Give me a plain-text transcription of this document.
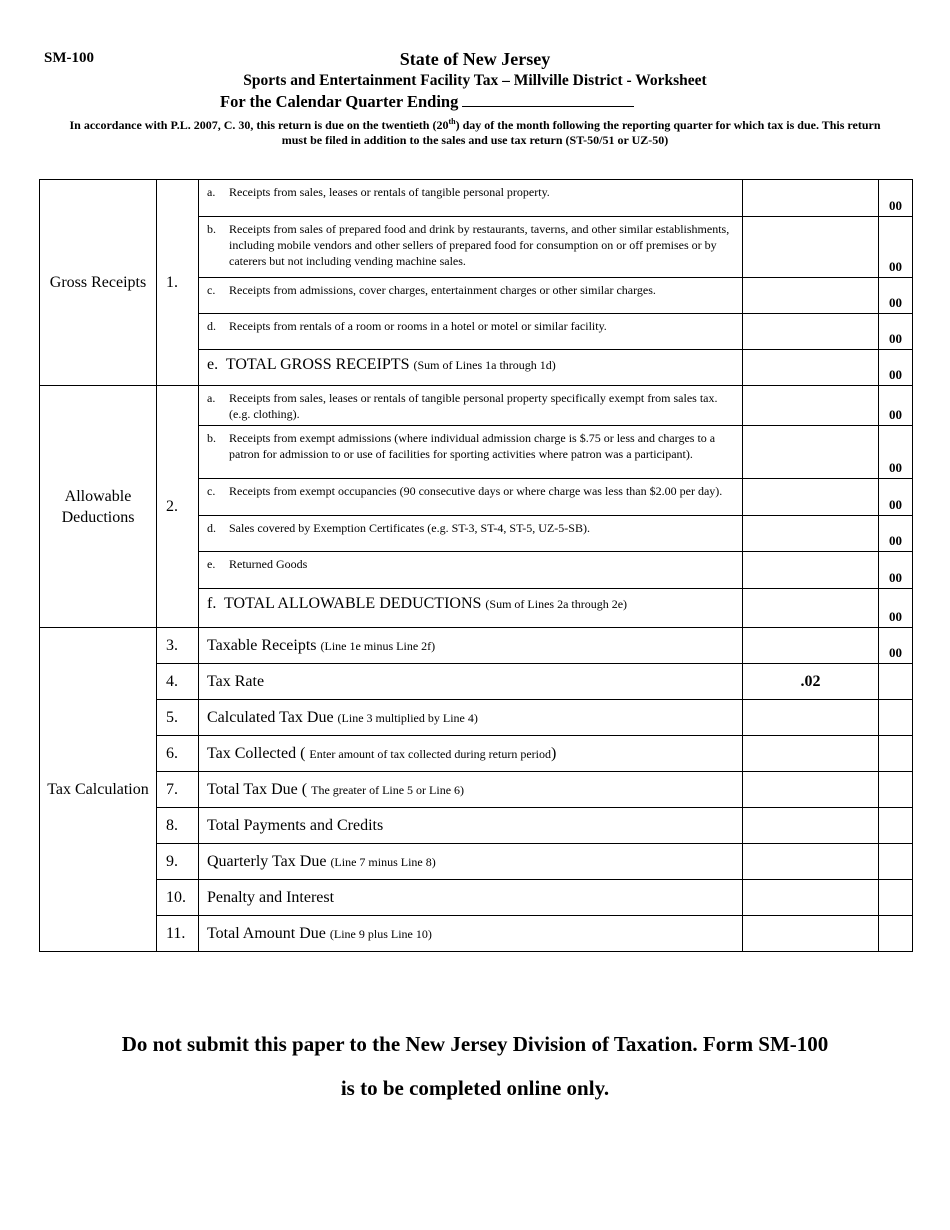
SM-100	State of New Jersey
Sports and Entertainment Facility Tax – Millville District - Worksheet
For the Calendar Quarter Ending
In accordance with P.L. 2007, C. 30, this return is due on the twentieth (20th) day of the month following the reporting quarter for which tax is due. This return must be filed in addition to the sales and use tax return (ST-50/51 or UZ-50)
Gross Receipts	1.	a. Receipts from sales, leases or rentals of tangible personal property.		00

		b. Receipts from sales of prepared food and drink by restaurants, taverns, and other similar establishments, including mobile vendors and other sellers of prepared food for consumption on or off premises or by caterers but not including vending machine sales.		00

		c. Receipts from admissions, cover charges, entertainment charges or other similar charges.		00

		d. Receipts from rentals of a room or rooms in a hotel or motel or similar facility.		00

		e. TOTAL GROSS RECEIPTS (Sum of Lines 1a through 1d)		00
Allowable Deductions	2.	a. Receipts from sales, leases or rentals of tangible personal property specifically exempt from sales tax. (e.g. clothing).		00

		b. Receipts from exempt admissions (where individual admission charge is $.75 or less and charges to a patron for admission to or use of facilities for sporting activities where patron was a participant).		00

		c. Receipts from exempt occupancies (90 consecutive days or where charge was less than $2.00 per day).		00

		d. Sales covered by Exemption Certificates (e.g. ST-3, ST-4, ST-5, UZ-5-SB).		00

		e. Returned Goods		00

		f. TOTAL ALLOWABLE DEDUCTIONS (Sum of Lines 2a through 2e)		00
Tax Calculation	3.	Taxable Receipts (Line 1e minus Line 2f)		00
	4.	Tax Rate	.02	
	5.	Calculated Tax Due (Line 3 multiplied by Line 4)		
	6.	Tax Collected ( Enter amount of tax collected during return period)		
	7.	Total Tax Due ( The greater of Line 5 or Line 6)		
	8.	Total Payments and Credits		
	9.	Quarterly Tax Due (Line 7 minus Line 8)		
	10.	Penalty and Interest		
	11.	Total Amount Due (Line 9 plus Line 10)		
Do not submit this paper to the New Jersey Division of Taxation. Form SM-100
is to be completed online only.
